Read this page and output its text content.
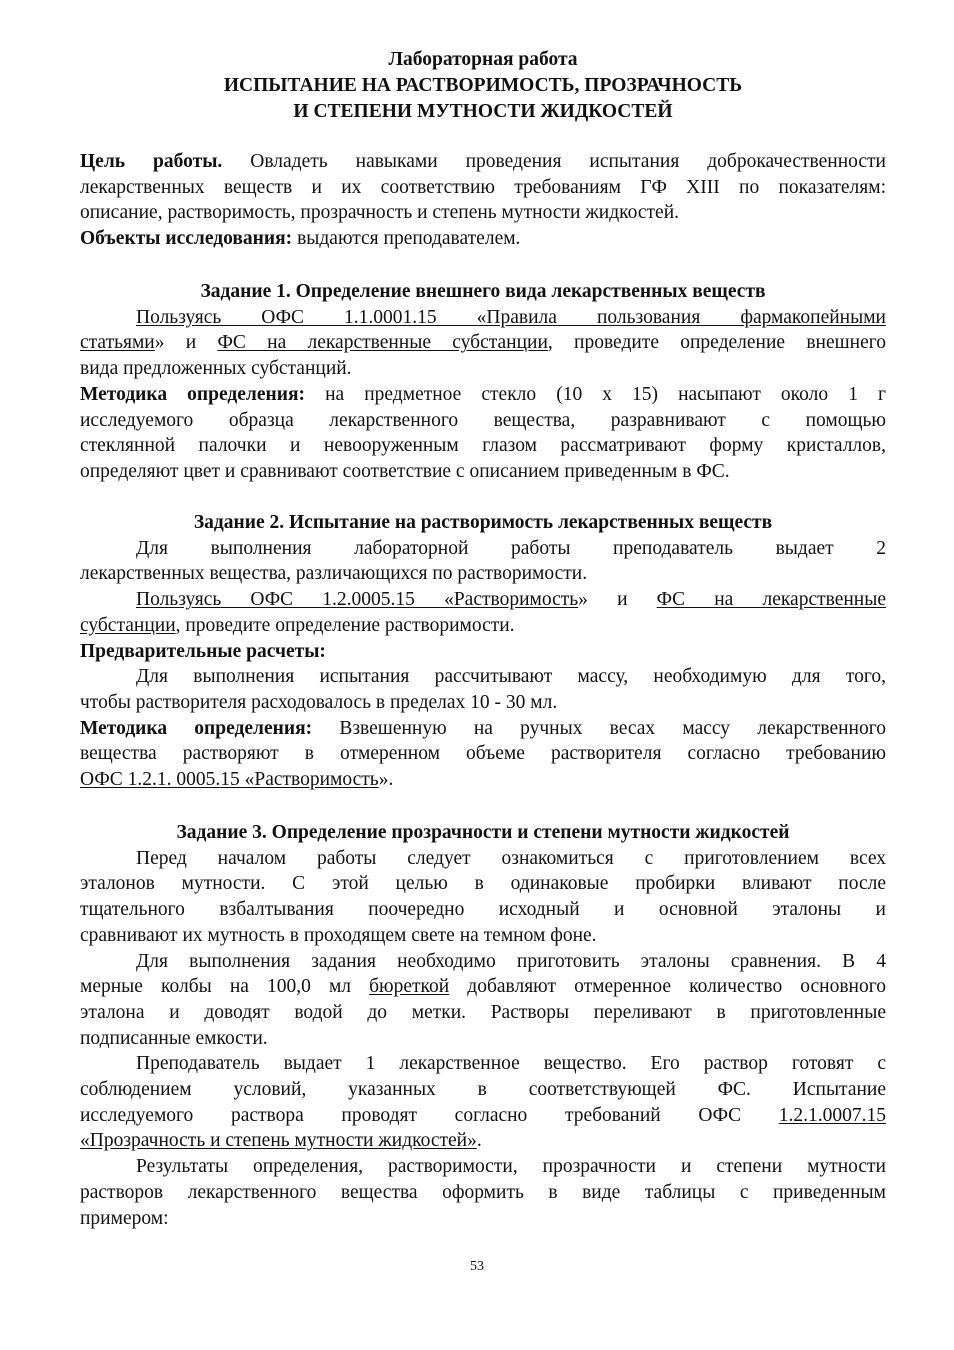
Лабораторная работа

ИСПЫТАНИЕ НА РАСТВОРИМОСТЬ, ПРОЗРАЧНОСТЬ

И СТЕПЕНИ МУТНОСТИ ЖИДКОСТЕЙ

Цель работы. Овладеть навыками проведения испытания доброкачественности

лекарственных веществ и их соответствию требованиям ГФ XIII по показателям:

описание, растворимость, прозрачность и степень мутности жидкостей.

Объекты исследования: выдаются преподавателем.

Задание 1. Определение внешнего вида лекарственных веществ

Пользуясь ОФС 1.1.0001.15 «Правила пользования фармакопейными

статьями» и ФС на лекарственные субстанции, проведите определение внешнего

вида предложенных субстанций.

Методика определения: на предметное стекло (10 х 15) насыпают около 1 г

исследуемого образца лекарственного вещества, разравнивают с помощью

стеклянной палочки и невооруженным глазом рассматривают форму кристаллов,

определяют цвет и сравнивают соответствие с описанием приведенным в ФС.

Задание 2. Испытание на растворимость лекарственных веществ

Для выполнения лабораторной работы преподаватель выдает 2

лекарственных вещества, различающихся по растворимости.

Пользуясь ОФС 1.2.0005.15 «Растворимость» и ФС на лекарственные

субстанции, проведите определение растворимости.

Предварительные расчеты:

Для выполнения испытания рассчитывают массу, необходимую для того,

чтобы растворителя расходовалось в пределах 10 - 30 мл.

Методика определения: Взвешенную на ручных весах массу лекарственного

вещества растворяют в отмеренном объеме растворителя согласно требованию

ОФС 1.2.1. 0005.15 «Растворимость».

Задание 3. Определение прозрачности и степени мутности жидкостей

Перед началом работы следует ознакомиться с приготовлением всех

эталонов мутности. С этой целью в одинаковые пробирки вливают после

тщательного взбалтывания поочередно исходный и основной эталоны и

сравнивают их мутность в проходящем свете на темном фоне.

Для выполнения задания необходимо приготовить эталоны сравнения. В 4

мерные колбы на 100,0 мл бюреткой добавляют отмеренное количество основного

эталона и доводят водой до метки. Растворы переливают в приготовленные

подписанные емкости.

Преподаватель выдает 1 лекарственное вещество. Его раствор готовят с

соблюдением условий, указанных в соответствующей ФС. Испытание

исследуемого раствора проводят согласно требований ОФС 1.2.1.0007.15

«Прозрачность и степень мутности жидкостей».

Результаты определения, растворимости, прозрачности и степени мутности

растворов лекарственного вещества оформить в виде таблицы с приведенным

примером:

53
